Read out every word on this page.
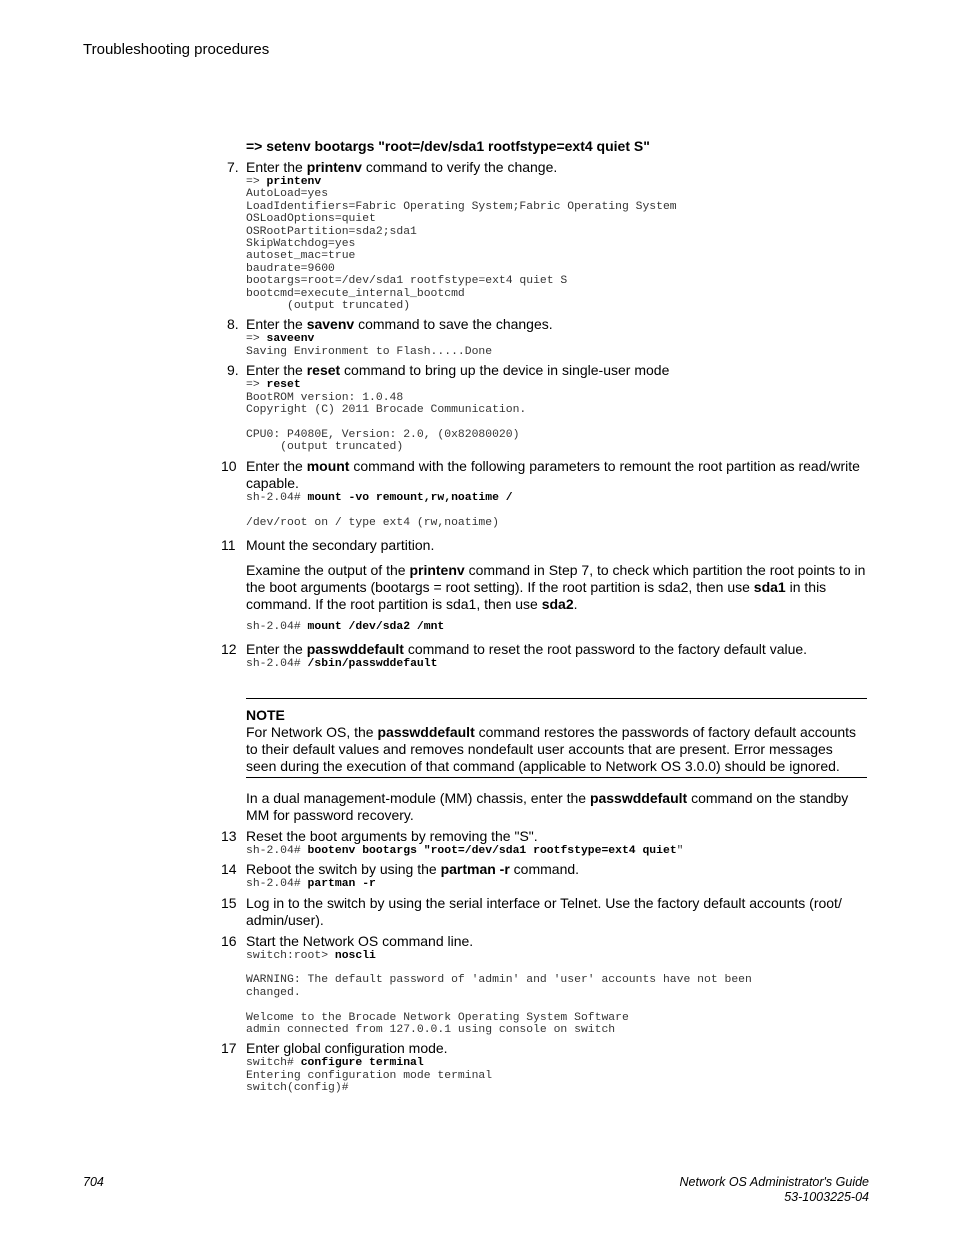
Troubleshooting procedures
=> setenv bootargs "root=/dev/sda1 rootfstype=ext4 quiet S"
7. Enter the printenv command to verify the change.
=> printenv
AutoLoad=yes
LoadIdentifiers=Fabric Operating System;Fabric Operating System
OSLoadOptions=quiet
OSRootPartition=sda2;sda1
SkipWatchdog=yes
autoset_mac=true
baudrate=9600
bootargs=root=/dev/sda1 rootfstype=ext4 quiet S
bootcmd=execute_internal_bootcmd
(output truncated)
8. Enter the savenv command to save the changes.
=> saveenv
Saving Environment to Flash.....Done
9. Enter the reset command to bring up the device in single-user mode
=> reset
BootROM version: 1.0.48
Copyright (C) 2011 Brocade Communication.

CPU0: P4080E, Version: 2.0, (0x82080020)
(output truncated)
10 Enter the mount command with the following parameters to remount the root partition as read/write capable.
sh-2.04# mount -vo remount,rw,noatime /

/dev/root on / type ext4 (rw,noatime)
11 Mount the secondary partition.
Examine the output of the printenv command in Step 7, to check which partition the root points to in the boot arguments (bootargs = root setting). If the root partition is sda2, then use sda1 in this command. If the root partition is sda1, then use sda2.
sh-2.04# mount /dev/sda2 /mnt
12 Enter the passwddefault command to reset the root password to the factory default value.
sh-2.04# /sbin/passwddefault
NOTE
For Network OS, the passwddefault command restores the passwords of factory default accounts to their default values and removes nondefault user accounts that are present. Error messages seen during the execution of that command (applicable to Network OS 3.0.0) should be ignored.
In a dual management-module (MM) chassis, enter the passwddefault command on the standby MM for password recovery.
13 Reset the boot arguments by removing the "S".
sh-2.04# bootenv bootargs "root=/dev/sda1 rootfstype=ext4 quiet"
14 Reboot the switch by using the partman -r command.
sh-2.04# partman -r
15 Log in to the switch by using the serial interface or Telnet. Use the factory default accounts (root/ admin/user).
16 Start the Network OS command line.
switch:root> noscli

WARNING: The default password of 'admin' and 'user' accounts have not been
changed.

Welcome to the Brocade Network Operating System Software
admin connected from 127.0.0.1 using console on switch
17 Enter global configuration mode.
switch# configure terminal
Entering configuration mode terminal
switch(config)#
704	Network OS Administrator's Guide
53-1003225-04
